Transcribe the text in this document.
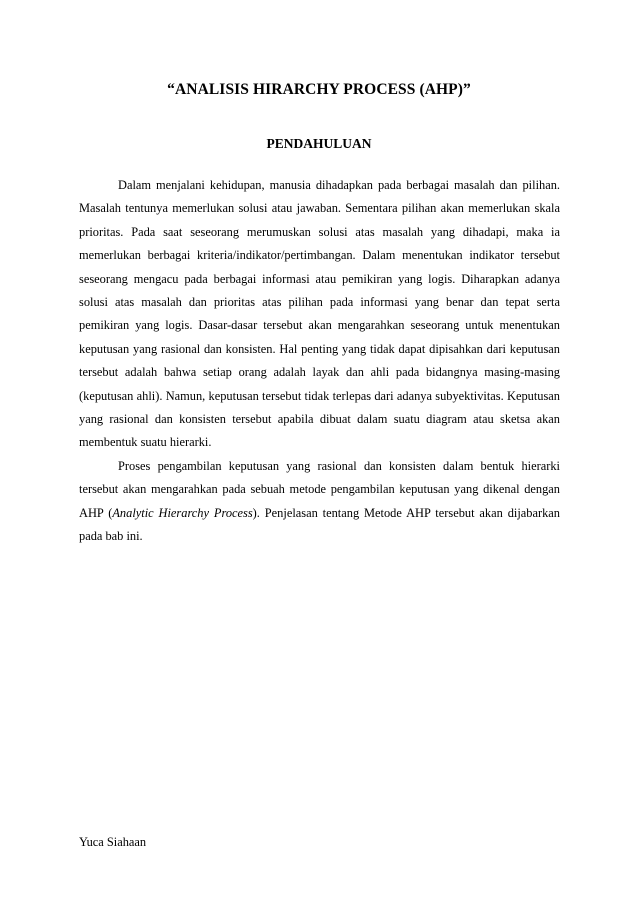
“ANALISIS HIRARCHY PROCESS (AHP)”
PENDAHULUAN

Dalam menjalani kehidupan, manusia dihadapkan pada berbagai masalah dan pilihan. Masalah tentunya memerlukan solusi atau jawaban. Sementara pilihan akan memerlukan skala prioritas. Pada saat seseorang merumuskan solusi atas masalah yang dihadapi, maka ia memerlukan berbagai kriteria/indikator/pertimbangan. Dalam menentukan indikator tersebut seseorang mengacu pada berbagai informasi atau pemikiran yang logis. Diharapkan adanya solusi atas masalah dan prioritas atas pilihan pada informasi yang benar dan tepat serta pemikiran yang logis. Dasar-dasar tersebut akan mengarahkan seseorang untuk menentukan keputusan yang rasional dan konsisten. Hal penting yang tidak dapat dipisahkan dari keputusan tersebut adalah bahwa setiap orang adalah layak dan ahli pada bidangnya masing-masing (keputusan ahli). Namun, keputusan tersebut tidak terlepas dari adanya subyektivitas. Keputusan yang rasional dan konsisten tersebut apabila dibuat dalam suatu diagram atau sketsa akan membentuk suatu hierarki.

Proses pengambilan keputusan yang rasional dan konsisten dalam bentuk hierarki tersebut akan mengarahkan pada sebuah metode pengambilan keputusan yang dikenal dengan AHP (Analytic Hierarchy Process). Penjelasan tentang Metode AHP tersebut akan dijabarkan pada bab ini.

Yuca Siahaan
